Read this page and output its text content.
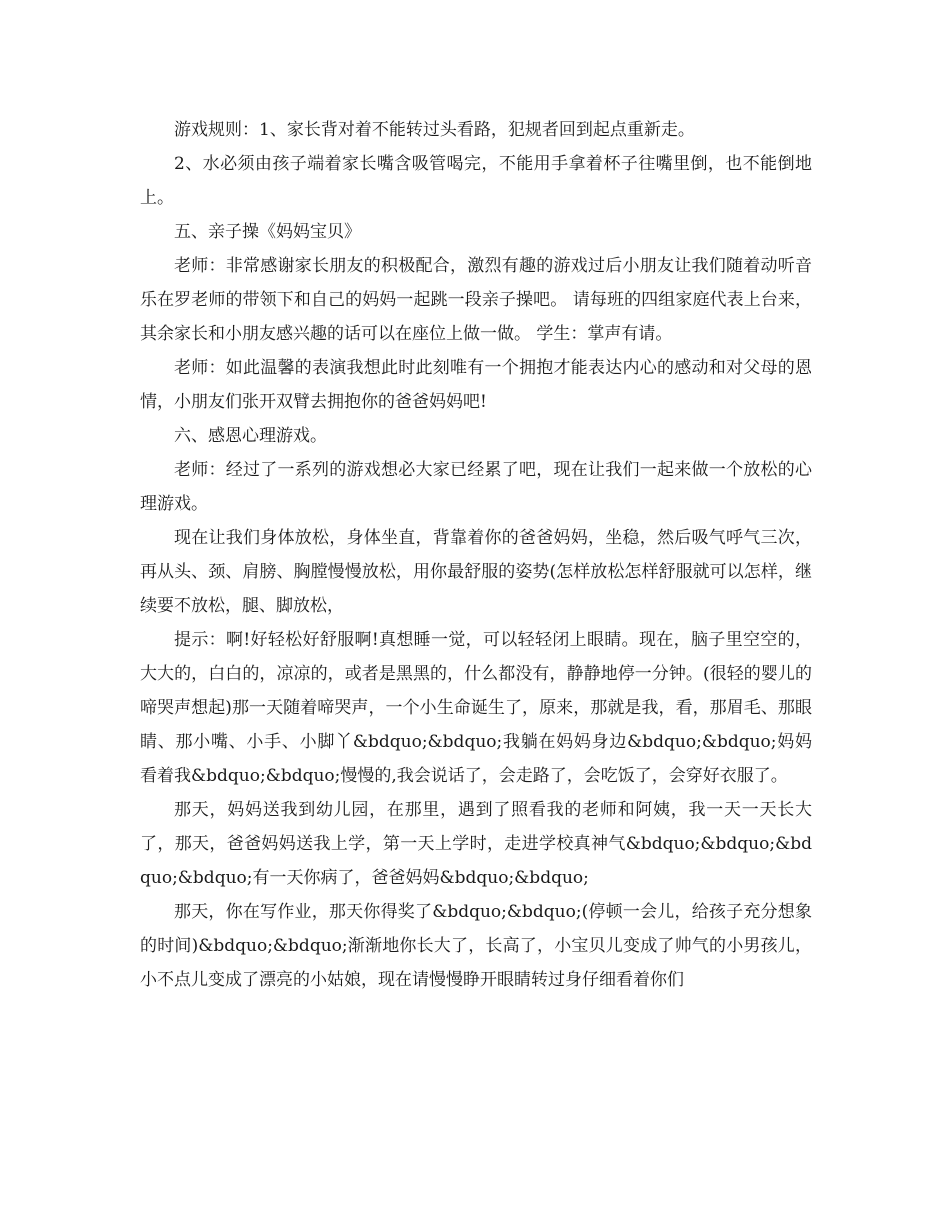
游戏规则：1、家长背对着不能转过头看路，犯规者回到起点重新走。

2、水必须由孩子端着家长嘴含吸管喝完，不能用手拿着杯子往嘴里倒，也不能倒地上。

五、亲子操《妈妈宝贝》

老师：非常感谢家长朋友的积极配合，激烈有趣的游戏过后小朋友让我们随着动听音乐在罗老师的带领下和自己的妈妈一起跳一段亲子操吧。 请每班的四组家庭代表上台来，其余家长和小朋友感兴趣的话可以在座位上做一做。 学生：掌声有请。

老师：如此温馨的表演我想此时此刻唯有一个拥抱才能表达内心的感动和对父母的恩情，小朋友们张开双臂去拥抱你的爸爸妈妈吧!

六、感恩心理游戏。

老师：经过了一系列的游戏想必大家已经累了吧，现在让我们一起来做一个放松的心理游戏。

现在让我们身体放松，身体坐直，背靠着你的爸爸妈妈，坐稳，然后吸气呼气三次，再从头、颈、肩膀、胸膛慢慢放松，用你最舒服的姿势(怎样放松怎样舒服就可以怎样，继续要不放松，腿、脚放松，

提示：啊!好轻松好舒服啊!真想睡一觉，可以轻轻闭上眼睛。现在，脑子里空空的，大大的，白白的，凉凉的，或者是黑黑的，什么都没有，静静地停一分钟。(很轻的婴儿的啼哭声想起)那一天随着啼哭声，一个小生命诞生了，原来，那就是我，看，那眉毛、那眼睛、那小嘴、小手、小脚丫&bdquo;&bdquo;我躺在妈妈身边&bdquo;&bdquo;妈妈看着我&bdquo;&bdquo;慢慢的,我会说话了，会走路了，会吃饭了，会穿好衣服了。

那天，妈妈送我到幼儿园，在那里，遇到了照看我的老师和阿姨，我一天一天长大了，那天，爸爸妈妈送我上学，第一天上学时，走进学校真神气&bdquo;&bdquo;&bdquo;&bdquo;有一天你病了，爸爸妈妈&bdquo;&bdquo;

那天，你在写作业，那天你得奖了&bdquo;&bdquo;(停顿一会儿，给孩子充分想象的时间)&bdquo;&bdquo;渐渐地你长大了，长高了，小宝贝儿变成了帅气的小男孩儿，小不点儿变成了漂亮的小姑娘，现在请慢慢睁开眼睛转过身仔细看着你们
